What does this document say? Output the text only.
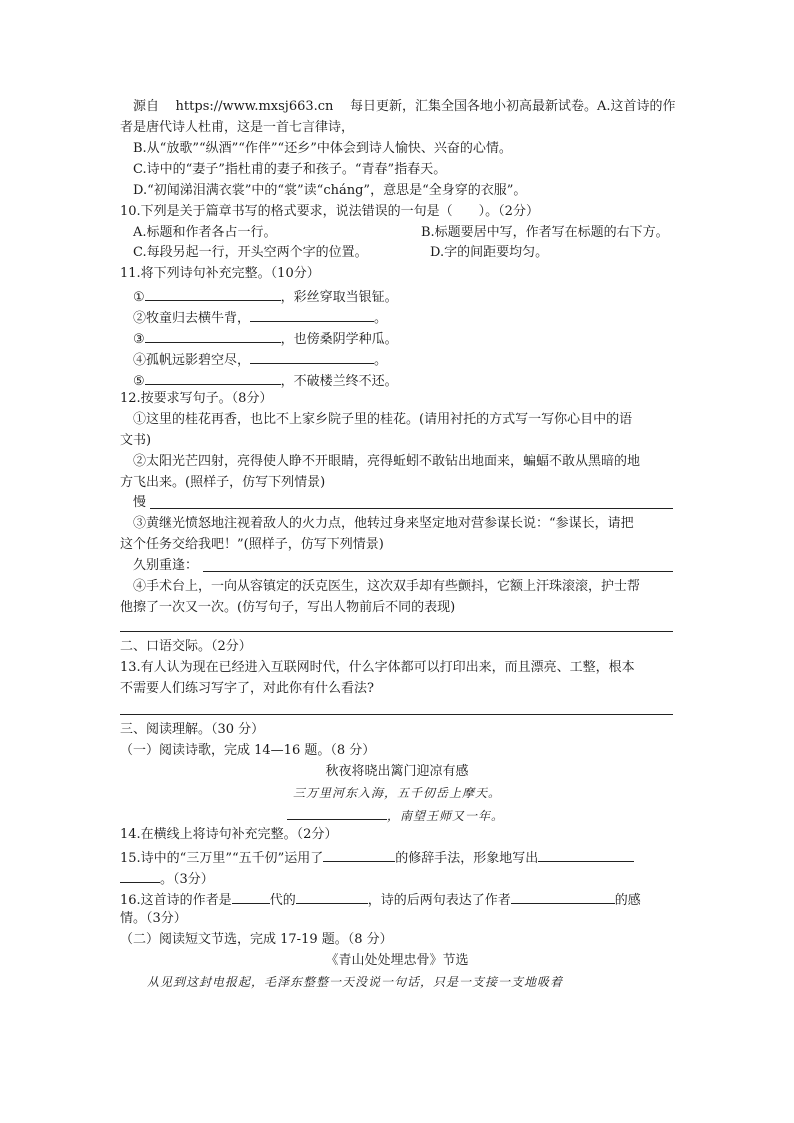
源自 https://www.mxsj663.cn 每日更新，汇集全国各地小初高最新试卷。A.这首诗的作
者是唐代诗人杜甫，这是一首七言律诗，
B.从“放歌”“纵酒”“作伴”“还乡”中体会到诗人愉快、兴奋的心情。
C.诗中的“妻子”指杜甫的妻子和孩子。“青春”指春天。
D.“初闻涕泪满衣裳”中的“裳”读“cháng”，意思是“全身穿的衣服”。
10.下列是关于篇章书写的格式要求，说法错误的一句是（　　）。（2分）
A.标题和作者各占一行。	B.标题要居中写，作者写在标题的右下方。
C.每段另起一行，开头空两个字的位置。	D.字的间距要均匀。
11.将下列诗句补充完整。（10分）
①	，彩丝穿取当银钲。
②牧童归去横牛背，	。
③	，也傍桑阴学种瓜。
④孤帆远影碧空尽，	。
⑤	，不破楼兰终不还。
12.按要求写句子。（8分）
①这里的桂花再香，也比不上家乡院子里的桂花。(请用衬托的方式写一写你心目中的语
文书)
②太阳光芒四射，亮得使人睁不开眼睛，亮得蚯蚓不敢钻出地面来，蝙蝠不敢从黑暗的地
方飞出来。(照样子，仿写下列情景)
慢
③黄继光愤怒地注视着敌人的火力点，他转过身来坚定地对营参谋长说：“参谋长，请把
这个任务交给我吧！”(照样子，仿写下列情景)
久别重逢：
④手术台上，一向从容镇定的沃克医生，这次双手却有些颤抖，它额上汗珠滚滚，护士帮
他擦了一次又一次。(仿写句子，写出人物前后不同的表现)
二、口语交际。（2分）
13.有人认为现在已经进入互联网时代，什么字体都可以打印出来，而且漂亮、工整，根本
不需要人们练习写字了，对此你有什么看法?
三、阅读理解。（30 分）
（一）阅读诗歌，完成 14—16 题。（8 分）
秋夜将晓出篱门迎凉有感
三万里河东入海，五千仞岳上摩天。
，南望王师又一年。
14.在横线上将诗句补充完整。（2分）
15.诗中的“三万里”“五千仞”运用了	的修辞手法，形象地写出
。（3分）
16.这首诗的作者是	代的	，诗的后两句表达了作者	的感
情。（3分）
（二）阅读短文节选，完成 17-19 题。（8 分）
《青山处处埋忠骨》节选
从见到这封电报起，毛泽东整整一天没说一句话，只是一支接一支地吸着
